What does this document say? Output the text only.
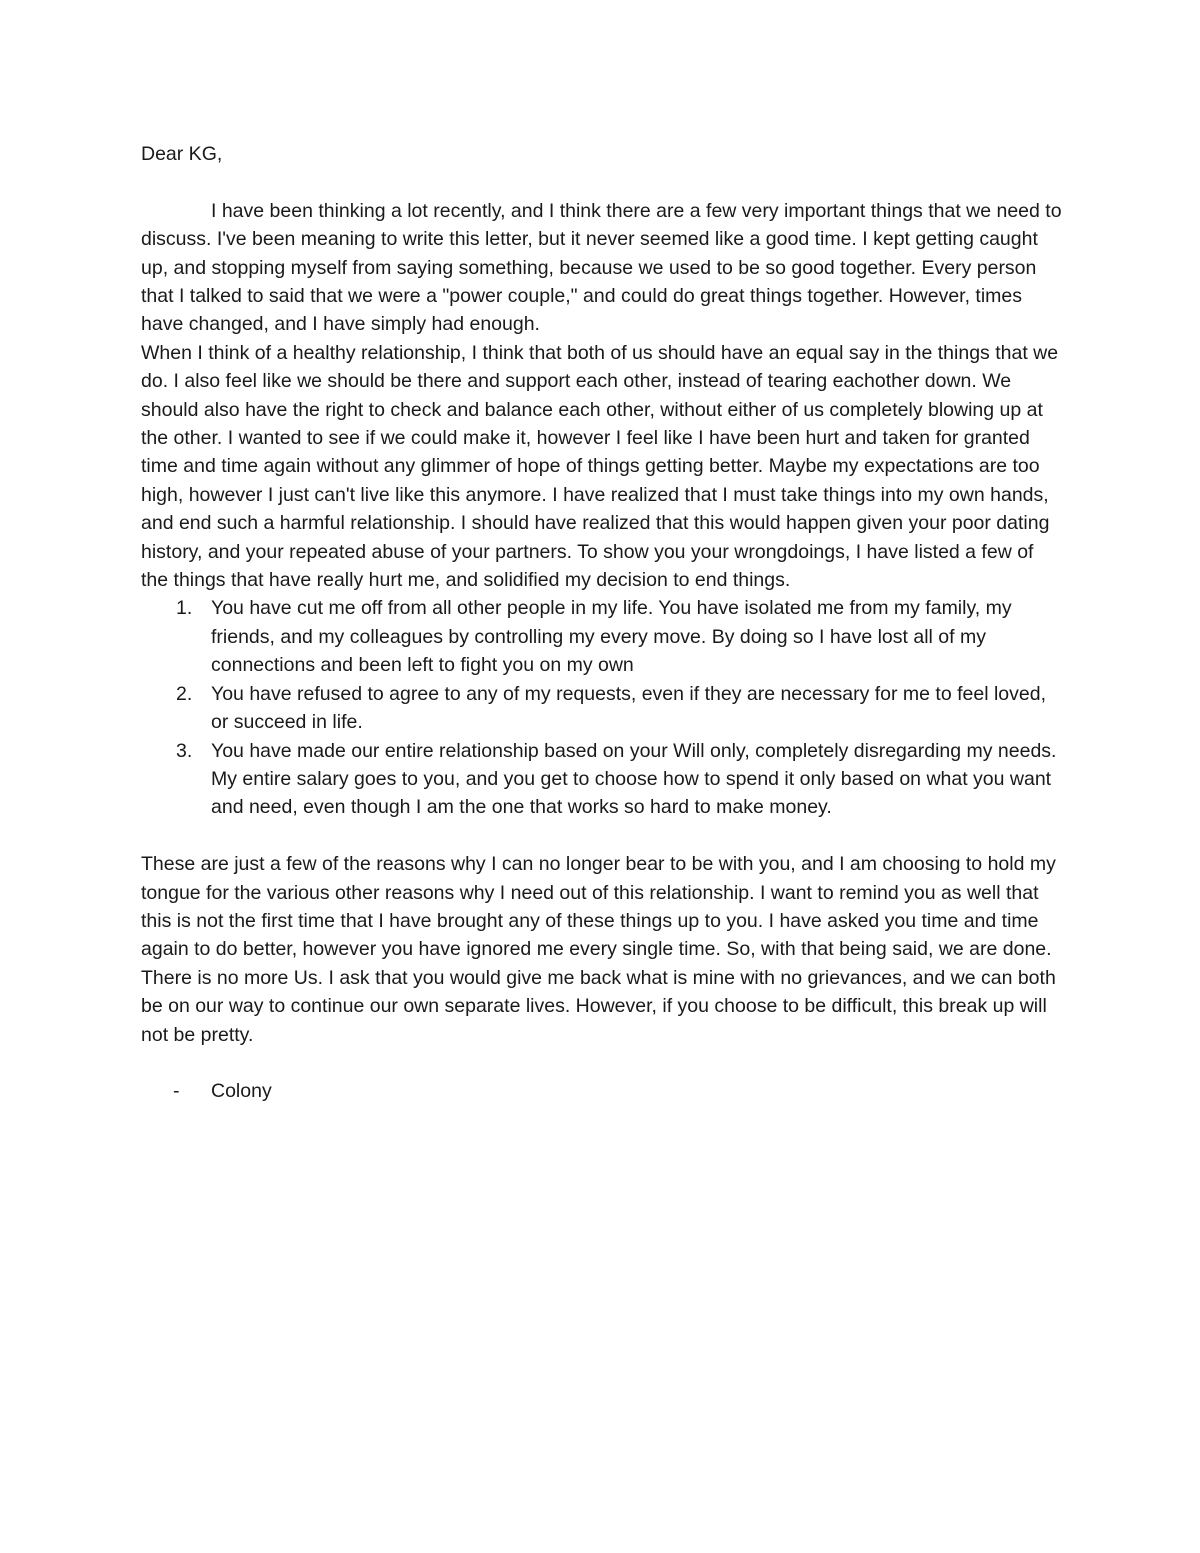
Dear KG,

I have been thinking a lot recently, and I think there are a few very important things that we need to discuss. I've been meaning to write this letter, but it never seemed like a good time. I kept getting caught up, and stopping myself from saying something, because we used to be so good together. Every person that I talked to said that we were a "power couple," and could do great things together. However, times have changed, and I have simply had enough.

When I think of a healthy relationship, I think that both of us should have an equal say in the things that we do. I also feel like we should be there and support each other, instead of tearing eachother down. We should also have the right to check and balance each other, without either of us completely blowing up at the other. I wanted to see if we could make it, however I feel like I have been hurt and taken for granted time and time again without any glimmer of hope of things getting better. Maybe my expectations are too high, however I just can't live like this anymore. I have realized that I must take things into my own hands, and end such a harmful relationship. I should have realized that this would happen given your poor dating history, and your repeated abuse of your partners. To show you your wrongdoings, I have listed a few of the things that have really hurt me, and solidified my decision to end things.

1. You have cut me off from all other people in my life. You have isolated me from my family, my friends, and my colleagues by controlling my every move. By doing so I have lost all of my connections and been left to fight you on my own
2. You have refused to agree to any of my requests, even if they are necessary for me to feel loved, or succeed in life.
3. You have made our entire relationship based on your Will only, completely disregarding my needs. My entire salary goes to you, and you get to choose how to spend it only based on what you want and need, even though I am the one that works so hard to make money.

These are just a few of the reasons why I can no longer bear to be with you, and I am choosing to hold my tongue for the various other reasons why I need out of this relationship. I want to remind you as well that this is not the first time that I have brought any of these things up to you. I have asked you time and time again to do better, however you have ignored me every single time. So, with that being said, we are done. There is no more Us. I ask that you would give me back what is mine with no grievances, and we can both be on our way to continue our own separate lives. However, if you choose to be difficult, this break up will not be pretty.

- Colony
